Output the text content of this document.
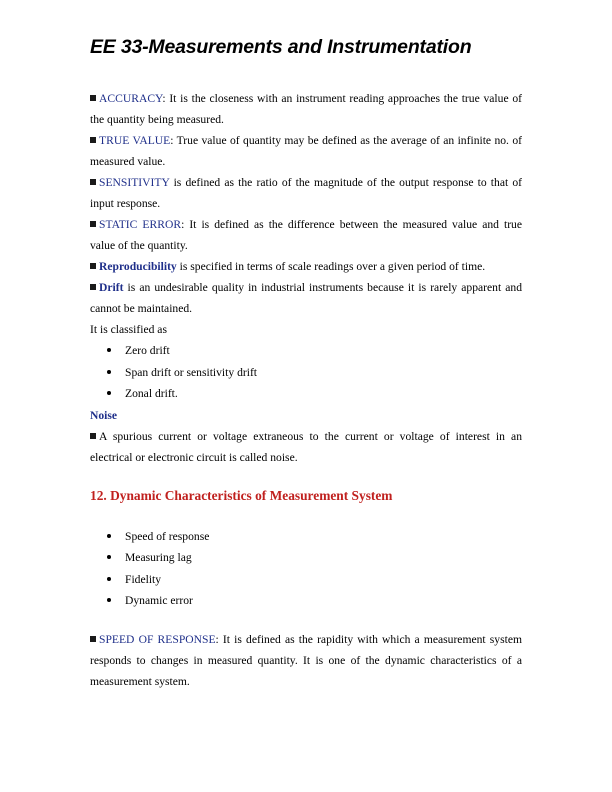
EE 33-Measurements and Instrumentation

ACCURACY: It is the closeness with an instrument reading approaches the true value of the quantity being measured.

TRUE VALUE: True value of quantity may be defined as the average of an infinite no. of measured value.

SENSITIVITY is defined as the ratio of the magnitude of the output response to that of input response.

STATIC ERROR: It is defined as the difference between the measured value and true value of the quantity.

Reproducibility is specified in terms of scale readings over a given period of time.

Drift is an undesirable quality in industrial instruments because it is rarely apparent and cannot be maintained.

It is classified as

Zero drift
Span drift or sensitivity drift
Zonal drift.

Noise

A spurious current or voltage extraneous to the current or voltage of interest in an electrical or electronic circuit is called noise.

12. Dynamic Characteristics of Measurement System

Speed of response
Measuring lag
Fidelity
Dynamic error

SPEED OF RESPONSE: It is defined as the rapidity with which a measurement system responds to changes in measured quantity. It is one of the dynamic characteristics of a measurement system.
